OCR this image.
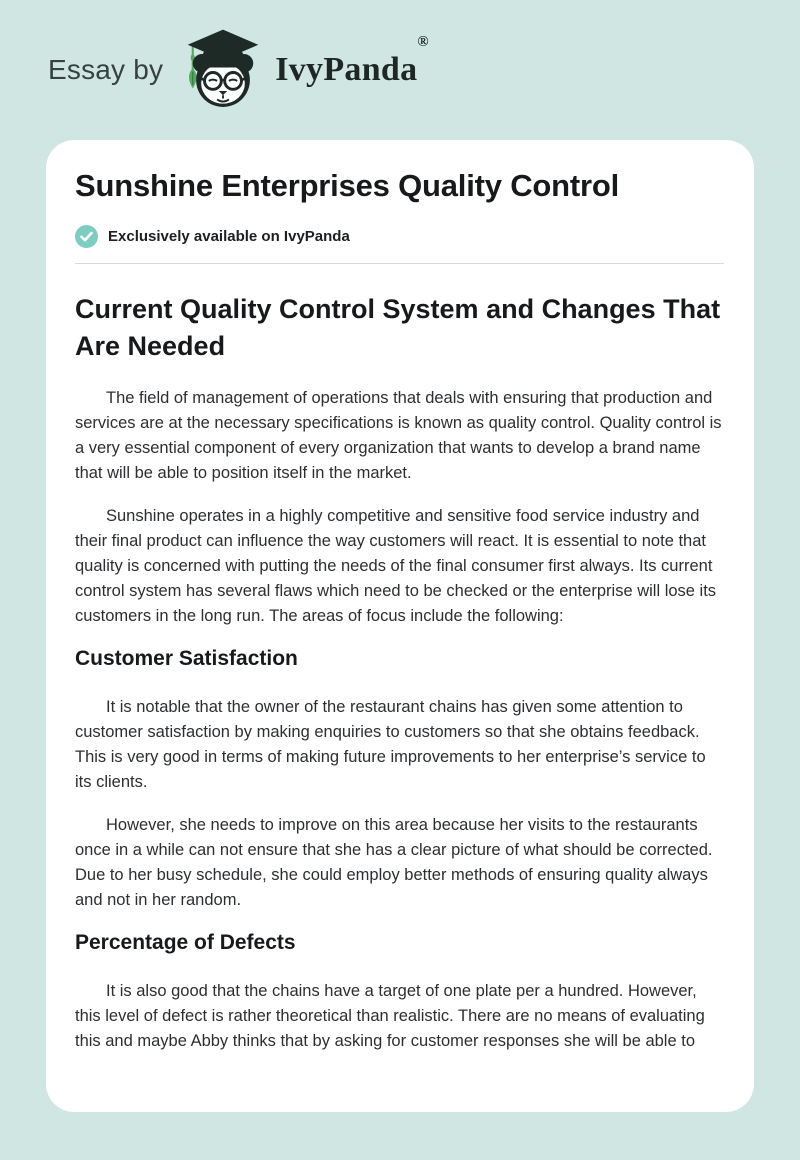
Essay by	IvyPanda
®
Sunshine Enterprises Quality Control
Exclusively available on IvyPanda
Current Quality Control System and Changes That Are Needed

The field of management of operations that deals with ensuring that production and services are at the necessary specifications is known as quality control. Quality control is a very essential component of every organization that wants to develop a brand name that will be able to position itself in the market.

Sunshine operates in a highly competitive and sensitive food service industry and their final product can influence the way customers will react. It is essential to note that quality is concerned with putting the needs of the final consumer first always. Its current control system has several flaws which need to be checked or the enterprise will lose its customers in the long run. The areas of focus include the following:

Customer Satisfaction

It is notable that the owner of the restaurant chains has given some attention to customer satisfaction by making enquiries to customers so that she obtains feedback. This is very good in terms of making future improvements to her enterprise’s service to its clients.

However, she needs to improve on this area because her visits to the restaurants once in a while can not ensure that she has a clear picture of what should be corrected. Due to her busy schedule, she could employ better methods of ensuring quality always and not in her random.

Percentage of Defects

It is also good that the chains have a target of one plate per a hundred. However, this level of defect is rather theoretical than realistic. There are no means of evaluating this and maybe Abby thinks that by asking for customer responses she will be able to
